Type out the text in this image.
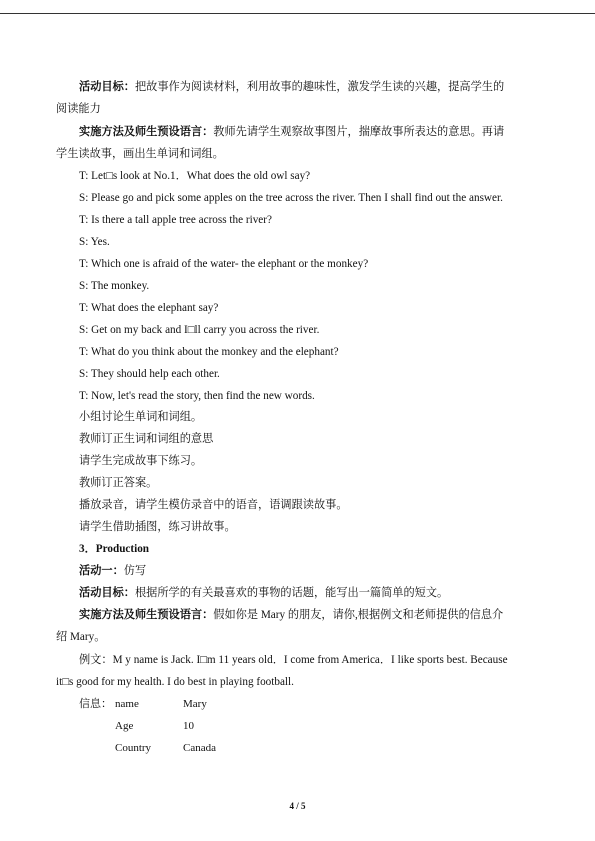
活动目标：把故事作为阅读材料，利用故事的趣味性，激发学生读的兴趣，提高学生的
阅读能力
实施方法及师生预设语言：教师先请学生观察故事图片，揣摩故事所表达的意思。再请
学生读故事，画出生单词和词组。
T: Let□s look at No.1．What does the old owl say?
S: Please go and pick some apples on the tree across the river. Then I shall find out the answer.
T: Is there a tall apple tree across the river?
S: Yes.
T: Which one is afraid of the water- the elephant or the monkey?
S: The monkey.
T: What does the elephant say?
S: Get on my back and I□ll carry you across the river.
T: What do you think about the monkey and the elephant?
S: They should help each other.
T: Now, let's read the story, then find the new words.
小组讨论生单词和词组。
教师订正生词和词组的意思
请学生完成故事下练习。
教师订正答案。
播放录音，请学生模仿录音中的语音，语调跟读故事。
请学生借助插图，练习讲故事。
3．Production
活动一：仿写
活动目标：根据所学的有关最喜欢的事物的话题，能写出一篇简单的短文。
实施方法及师生预设语言：假如你是 Mary 的朋友，请你,根据例文和老师提供的信息介
绍 Mary。
例文：M y name is Jack. I□m 11 years old．I come from America．I like sports best. Because
it□s good for my health. I do best in playing football.
信息： name	Mary
Age	10
Country	Canada
4 / 5
